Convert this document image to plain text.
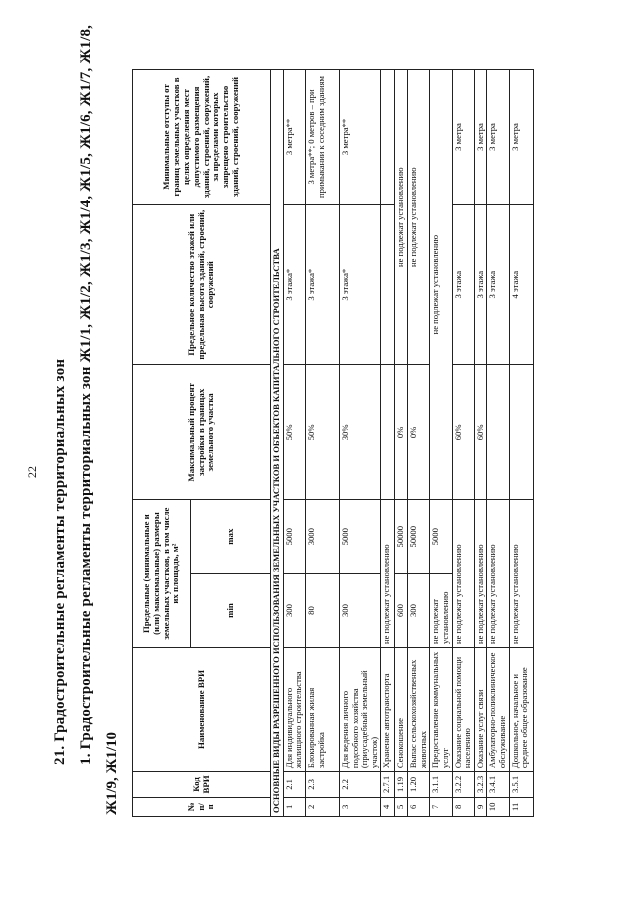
22 21. Градостроительные регламенты территориальных зон 1. Градостроительные регламенты территориальных зон Ж1/1, Ж1/2, Ж1/3, Ж1/4, Ж1/5, Ж1/6, Ж1/7, Ж1/8,
Ж1/9, Ж1/10	№ п/п	Код ВРИ	Наименование ВРИ	Предельные (минимальные и (или) максимальные) размеры земельных участков, в том числе их площадь, м²		Максимальный процент застройки в границах земельного участка	Предельное количество этажей или предельная высота зданий, строений, сооружений	Минимальные отступы от границ земельных участков в целях определения мест допустимого размещения зданий, строений, сооружений, за пределами которых запрещено строительство зданий, строений, сооружений
			min	max			
ОСНОВНЫЕ ВИДЫ РАЗРЕШЕННОГО ИСПОЛЬЗОВАНИЯ ЗЕМЕЛЬНЫХ УЧАСТКОВ И ОБЪЕКТОВ КАПИТАЛЬНОГО СТРОИТЕЛЬСТВА							
1	2.1	Для индивидуального жилищного строительства	300	5000	50%	3 этажа*	3 метра**
2	2.3	Блокированная жилая застройка	80	3000	50%	3 этажа*	3 метра**; 0 метров – при примыкании к соседним зданиям
3	2.2	Для ведения личного подсобного хозяйства (приусадебный земельный участок)	300	5000	30%	3 этажа*	3 метра**
4	2.7.1	Хранение автотранспорта	не подлежат установлению				
5	1.19	Сенокошение	600	50000	0%	не подлежат установлению	
6	1.20	Выпас сельскохозяйственных животных	300	50000	0%	не подлежат установлению	
7	3.1.1	Предоставление коммунальных услуг	не подлежат установлению	5000	не подлежат установлению		
8	3.2.2	Оказание социальной помощи населению	не подлежат установлению		60%	3 этажа	3 метра
9	3.2.3	Оказание услуг связи	не подлежат установлению		60%	3 этажа	3 метра
10	3.4.1	Амбулаторно-поликлиническое обслуживание	не подлежат установлению			3 этажа	3 метра
11	3.5.1	Дошкольное, начальное и среднее общее образование	не подлежат установлению			4 этажа	3 метра
